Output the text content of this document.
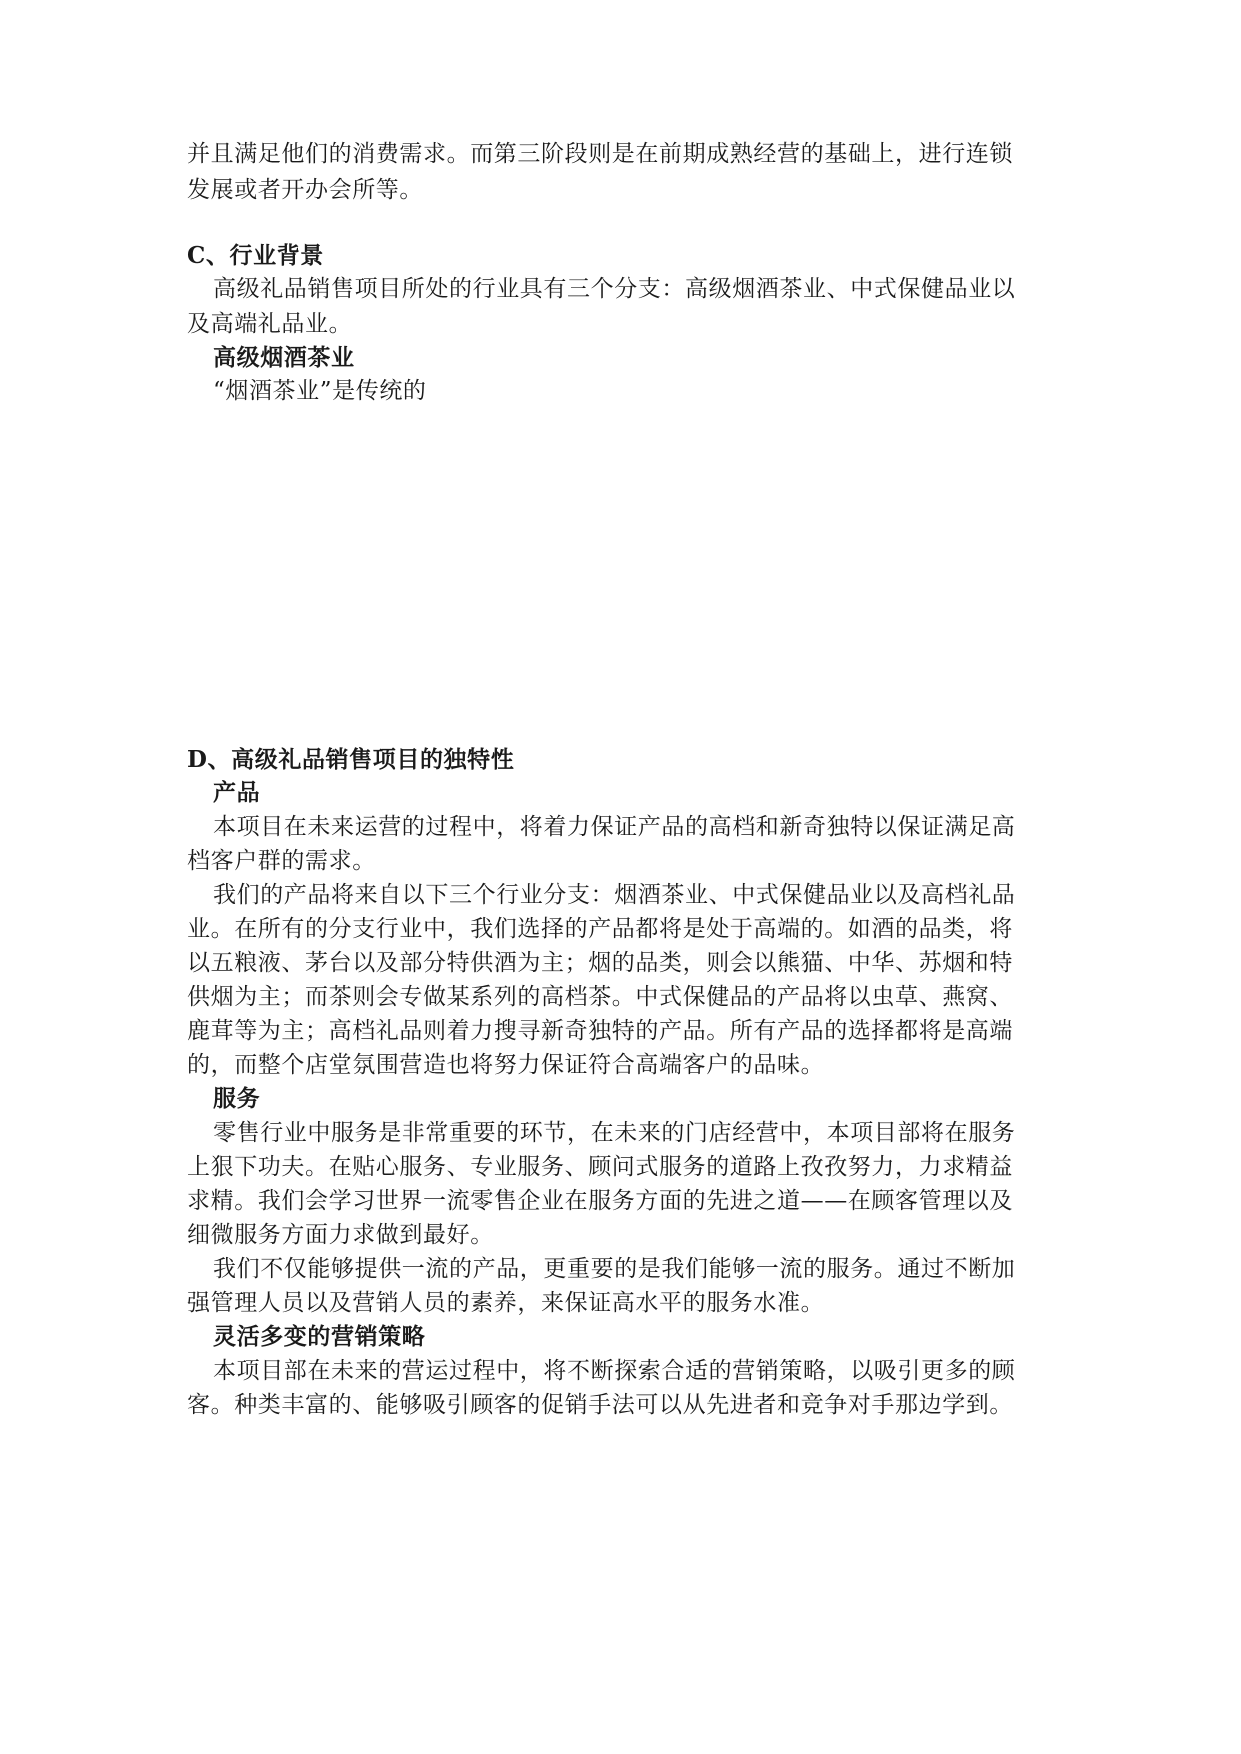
并且满足他们的消费需求。而第三阶段则是在前期成熟经营的基础上，进行连锁
发展或者开办会所等。
C、行业背景
高级礼品销售项目所处的行业具有三个分支：高级烟酒茶业、中式保健品业以
及高端礼品业。
高级烟酒茶业
“烟酒茶业”是传统的
D、高级礼品销售项目的独特性
产品
本项目在未来运营的过程中，将着力保证产品的高档和新奇独特以保证满足高
档客户群的需求。
我们的产品将来自以下三个行业分支：烟酒茶业、中式保健品业以及高档礼品
业。在所有的分支行业中，我们选择的产品都将是处于高端的。如酒的品类，将
以五粮液、茅台以及部分特供酒为主；烟的品类，则会以熊猫、中华、苏烟和特
供烟为主；而茶则会专做某系列的高档茶。中式保健品的产品将以虫草、燕窝、
鹿茸等为主；高档礼品则着力搜寻新奇独特的产品。所有产品的选择都将是高端
的，而整个店堂氛围营造也将努力保证符合高端客户的品味。
服务
零售行业中服务是非常重要的环节，在未来的门店经营中，本项目部将在服务
上狠下功夫。在贴心服务、专业服务、顾问式服务的道路上孜孜努力，力求精益
求精。我们会学习世界一流零售企业在服务方面的先进之道——在顾客管理以及
细微服务方面力求做到最好。
我们不仅能够提供一流的产品，更重要的是我们能够一流的服务。通过不断加
强管理人员以及营销人员的素养，来保证高水平的服务水准。
灵活多变的营销策略
本项目部在未来的营运过程中，将不断探索合适的营销策略，以吸引更多的顾
客。种类丰富的、能够吸引顾客的促销手法可以从先进者和竞争对手那边学到。
